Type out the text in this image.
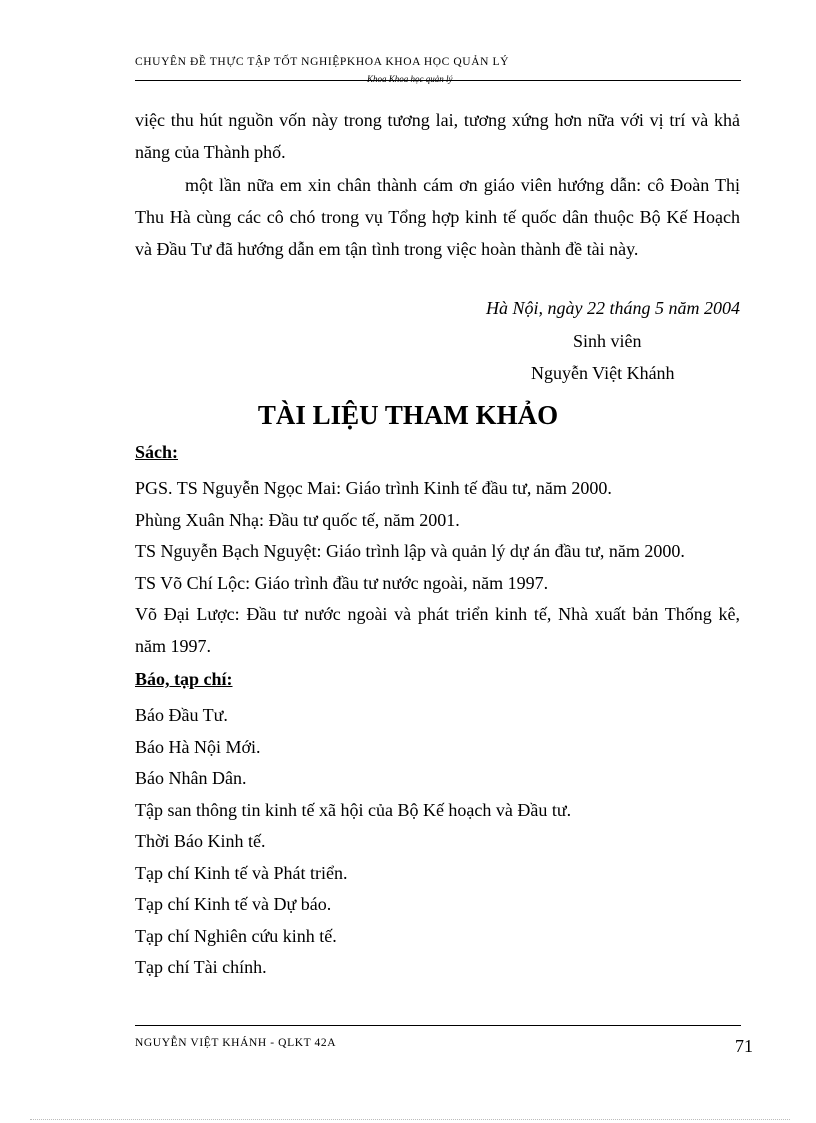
CHUYÊN ĐỀ THỰC TẬP TỐT NGHIỆPKHOA KHOA HỌC QUẢN LÝ
Khoa Khoa học quản lý

việc thu hút nguồn vốn này trong tương lai, tương xứng hơn nữa với vị trí và khả năng của Thành phố.

một lần nữa em xin chân thành cám ơn giáo viên hướng dẫn: cô Đoàn Thị Thu Hà cùng các cô chó trong vụ Tổng hợp kinh tế quốc dân thuộc Bộ Kế Hoạch và Đầu Tư đã hướng dẫn em tận tình trong việc hoàn thành đề tài này.

Hà Nội, ngày 22 tháng 5 năm 2004
Sinh viên
Nguyễn Việt Khánh
TÀI LIỆU THAM KHẢO
Sách:
PGS. TS Nguyễn Ngọc Mai: Giáo trình Kinh tế đầu tư, năm 2000.
Phùng Xuân Nhạ: Đầu tư quốc tế, năm 2001.
TS Nguyễn Bạch Nguyệt: Giáo trình lập và quản lý dự án đầu tư, năm 2000.
TS Võ Chí Lộc: Giáo trình đầu tư nước ngoài, năm 1997.
Võ Đại Lược: Đầu tư nước ngoài và phát triển kinh tế, Nhà xuất bản Thống kê, năm 1997.
Báo, tạp chí:
Báo Đầu Tư.
Báo Hà Nội Mới.
Báo Nhân Dân.
Tập san thông tin kinh tế xã hội của Bộ Kế hoạch và Đầu tư.
Thời Báo Kinh tế.
Tạp chí Kinh tế và Phát triển.
Tạp chí Kinh tế và Dự báo.
Tạp chí Nghiên cứu kinh tế.
Tạp chí Tài chính.
NGUYỄN VIỆT KHÁNH - QLKT 42A	71
